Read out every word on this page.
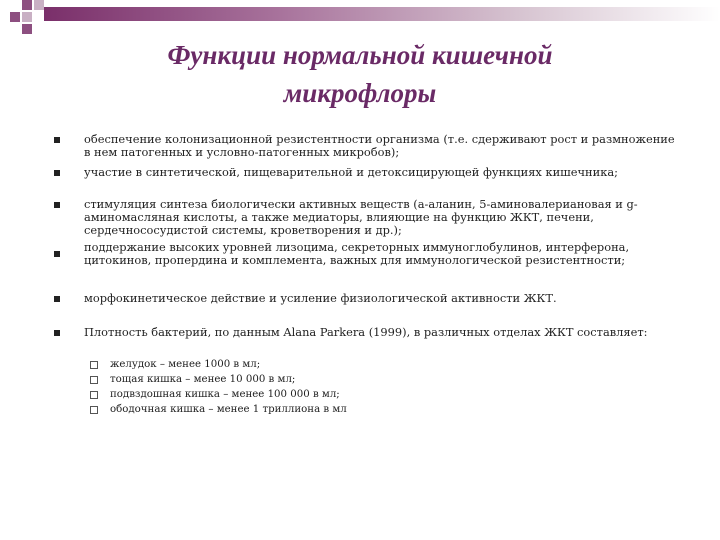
Функции нормальной кишечной
микрофлоры
обеспечение колонизационной резистентности организма (т.е. сдерживают рост и размножение в нем патогенных и условно-патогенных микробов);
участие в синтетической, пищеварительной и детоксицирующей функциях кишечника;
стимуляция синтеза биологически активных веществ (а-аланин, 5-аминовалериановая и g-аминомасляная кислоты, а также медиаторы, влияющие на функцию ЖКТ, печени, сердечнососудистой системы, кроветворения и др.);
поддержание высоких уровней лизоцима, секреторных иммуноглобулинов, интерферона, цитокинов, пропердина и комплемента, важных для иммунологической резистентности;
морфокинетическое действие и усиление физиологической активности ЖКТ.
Плотность бактерий, по данным Alana Parkera (1999), в различных отделах ЖКТ составляет:
желудок – менее 1000 в мл;
тощая кишка – менее 10 000 в мл;
подвздошная кишка – менее 100 000 в мл;
ободочная кишка – менее 1 триллиона в мл
